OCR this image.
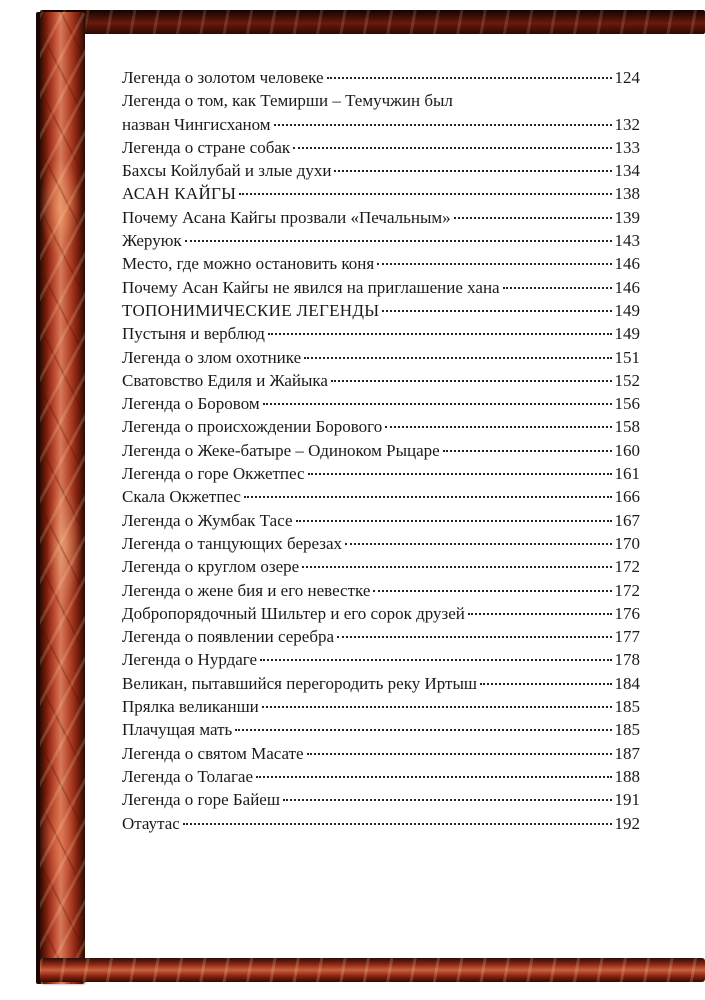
Легенда о золотом человеке	124
Легенда о том, как Темирши – Темучжин был
назван Чингисханом	132
Легенда о стране собак	133
Бахсы Койлубай и злые духи	134
АСАН КАЙГЫ	138
Почему Асана Кайгы прозвали «Печальным»	139
Жеруюк	143
Место, где можно остановить коня	146
Почему Асан Кайгы не явился на приглашение хана	146
ТОПОНИМИЧЕСКИЕ ЛЕГЕНДЫ	149
Пустыня и верблюд	149
Легенда о злом охотнике	151
Сватовство Едиля и Жайыка	152
Легенда о Боровом	156
Легенда о происхождении Борового	158
Легенда о Жеке-батыре – Одиноком Рыцаре	160
Легенда о горе Окжетпес	161
Скала Окжетпес	166
Легенда о Жумбак Тасе	167
Легенда о танцующих березах	170
Легенда о круглом озере	172
Легенда о жене бия и его невестке	172
Добропорядочный Шильтер и его сорок друзей	176
Легенда о появлении серебра	177
Легенда о Нурдаге	178
Великан, пытавшийся перегородить реку Иртыш	184
Прялка великанши	185
Плачущая мать	185
Легенда о святом Масате	187
Легенда о Толагае	188
Легенда о горе Байеш	191
Отаутас	192
